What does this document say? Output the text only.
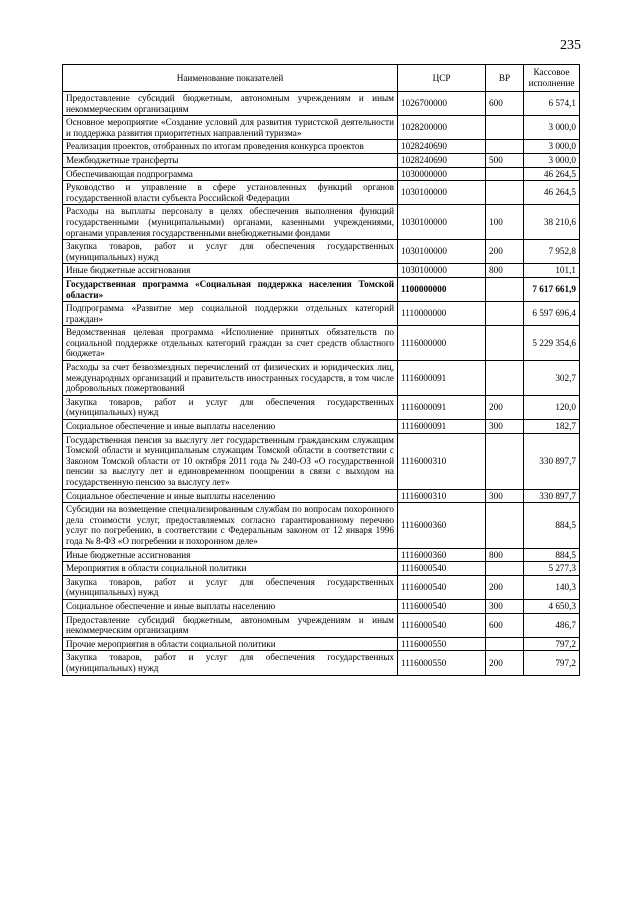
235
Наименование показателей	ЦСР	ВР	Кассовое исполнение
Предоставление субсидий бюджетным, автономным учреждениям и иным некоммерческим организациям	1026700000	600	6 574,1
Основное мероприятие «Создание условий для развития туристской деятельности и поддержка развития приоритетных направлений туризма»	1028200000		3 000,0
Реализация проектов, отобранных по итогам проведения конкурса проектов	1028240690		3 000,0
Межбюджетные трансферты	1028240690	500	3 000,0
Обеспечивающая подпрограмма	1030000000		46 264,5
Руководство и управление в сфере установленных функций органов государственной власти субъекта Российской Федерации	1030100000		46 264,5
Расходы на выплаты персоналу в целях обеспечения выполнения функций государственными (муниципальными) органами, казенными учреждениями, органами управления государственными внебюджетными фондами	1030100000	100	38 210,6
Закупка товаров, работ и услуг для обеспечения государственных (муниципальных) нужд	1030100000	200	7 952,8
Иные бюджетные ассигнования	1030100000	800	101,1
Государственная программа «Социальная поддержка населения Томской области»	1100000000		7 617 661,9
Подпрограмма «Развитие мер социальной поддержки отдельных категорий граждан»	1110000000		6 597 696,4
Ведомственная целевая программа «Исполнение принятых обязательств по социальной поддержке отдельных категорий граждан за счет средств областного бюджета»	1116000000		5 229 354,6
Расходы за счет безвозмездных перечислений от физических и юридических лиц, международных организаций и правительств иностранных государств, в том числе добровольных пожертвований	1116000091		302,7
Закупка товаров, работ и услуг для обеспечения государственных (муниципальных) нужд	1116000091	200	120,0
Социальное обеспечение и иные выплаты населению	1116000091	300	182,7
Государственная пенсия за выслугу лет государственным гражданским служащим Томской области и муниципальным служащим Томской области в соответствии с Законом Томской области от 10 октября 2011 года № 240-ОЗ «О государственной пенсии за выслугу лет и единовременном поощрении в связи с выходом на государственную пенсию за выслугу лет»	1116000310		330 897,7
Социальное обеспечение и иные выплаты населению	1116000310	300	330 897,7
Субсидии на возмещение специализированным службам по вопросам похоронного дела стоимости услуг, предоставляемых согласно гарантированному перечню услуг по погребению, в соответствии с Федеральным законом от 12 января 1996 года № 8-ФЗ «О погребении и похоронном деле»	1116000360		884,5
Иные бюджетные ассигнования	1116000360	800	884,5
Мероприятия в области социальной политики	1116000540		5 277,3
Закупка товаров, работ и услуг для обеспечения государственных (муниципальных) нужд	1116000540	200	140,3
Социальное обеспечение и иные выплаты населению	1116000540	300	4 650,3
Предоставление субсидий бюджетным, автономным учреждениям и иным некоммерческим организациям	1116000540	600	486,7
Прочие мероприятия в области социальной политики	1116000550		797,2
Закупка товаров, работ и услуг для обеспечения государственных (муниципальных) нужд	1116000550	200	797,2
